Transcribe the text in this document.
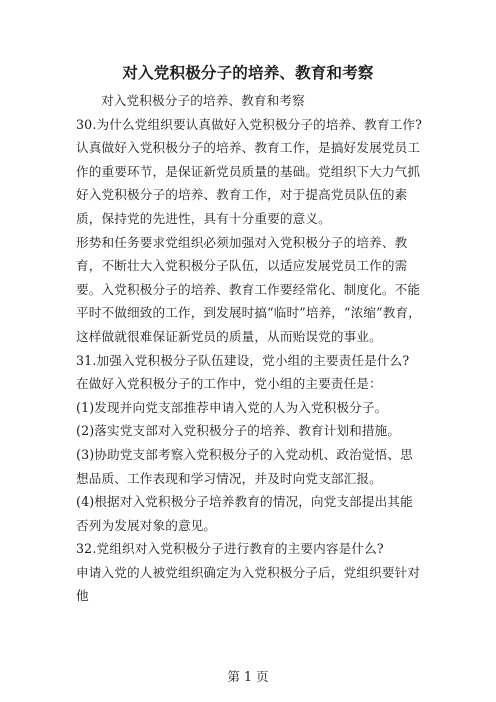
对入党积极分子的培养、教育和考察

对入党积极分子的培养、教育和考察

30.为什么党组织要认真做好入党积极分子的培养、教育工作?

认真做好入党积极分子的培养、教育工作，是搞好发展党员工作的重要环节，是保证新党员质量的基础。党组织下大力气抓好入党积极分子的培养、教育工作，对于提高党员队伍的素质，保持党的先进性，具有十分重要的意义。

形势和任务要求党组织必须加强对入党积极分子的培养、教育，不断壮大入党积极分子队伍，以适应发展党员工作的需要。入党积极分子的培养、教育工作要经常化、制度化。不能平时不做细致的工作，到发展时搞“临时”培养，“浓缩”教育，这样做就很难保证新党员的质量，从而贻误党的事业。

31.加强入党积极分子队伍建设，党小组的主要责任是什么?

在做好入党积极分子的工作中，党小组的主要责任是：

(1)发现并向党支部推荐申请入党的人为入党积极分子。

(2)落实党支部对入党积极分子的培养、教育计划和措施。

(3)协助党支部考察入党积极分子的入党动机、政治觉悟、思想品质、工作表现和学习情况，并及时向党支部汇报。

(4)根据对入党积极分子培养教育的情况，向党支部提出其能否列为发展对象的意见。

32.党组织对入党积极分子进行教育的主要内容是什么?

申请入党的人被党组织确定为入党积极分子后，党组织要针对他

第 1 页
